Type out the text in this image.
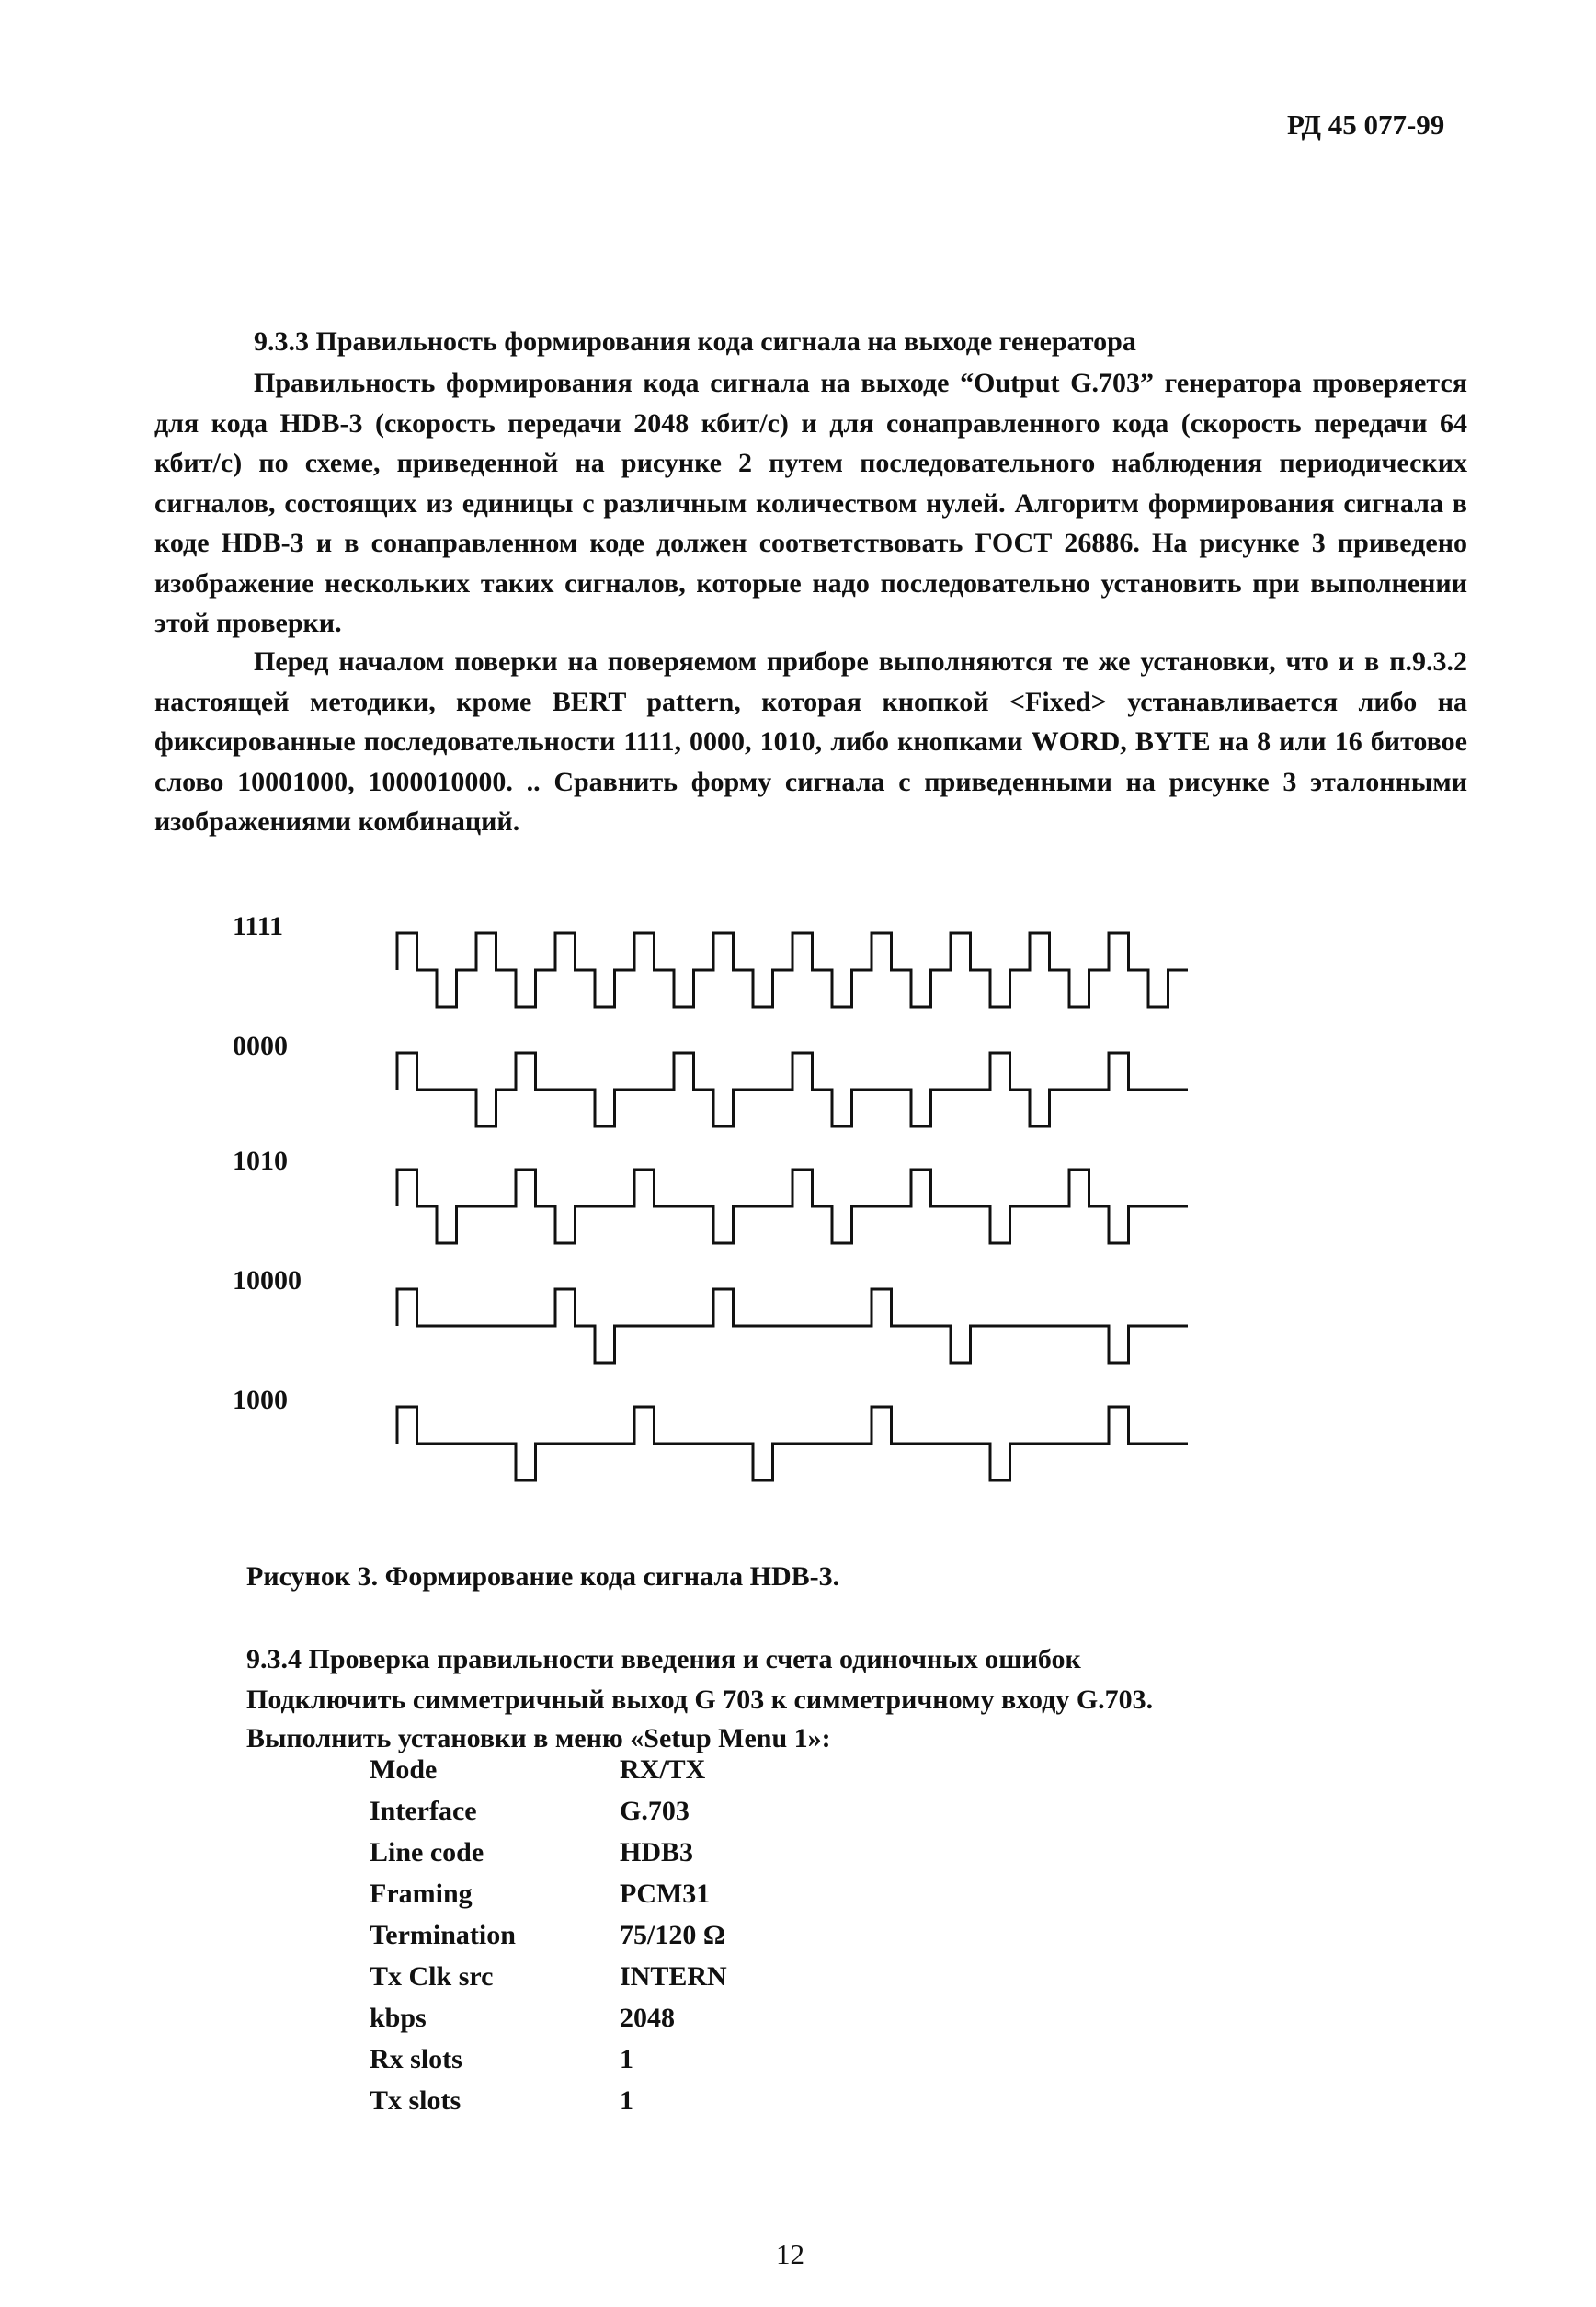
РД 45 077-99
9.3.3 Правильность формирования кода сигнала на выходе генератора

Правильность формирования кода сигнала на выходе “Output G.703” генератора проверяется для кода HDB-3 (скорость передачи 2048 кбит/с) и для сонаправленного кода (скорость передачи 64 кбит/с) по схеме, приведенной на рисунке 2 путем последовательного наблюдения периодических сигналов, состоящих из единицы с различным количеством нулей. Алгоритм формирования сигнала в коде HDB-3 и в сонаправленном коде должен соответствовать ГОСТ 26886. На рисунке 3 приведено изображение нескольких таких сигналов, которые надо последовательно установить при выполнении этой проверки.

Перед началом поверки на поверяемом приборе выполняются те же установки, что и в п.9.3.2 настоящей методики, кроме BERT pattern, которая кнопкой <Fixed> устанавливается либо на фиксированные последовательности 1111, 0000, 1010, либо кнопками WORD, BYTE на 8 или 16 битовое слово 10001000, 1000010000. .. Сравнить форму сигнала с приведенными на рисунке 3 эталонными изображениями комбинаций.

1111
0000
1010
10000
1000
Рисунок 3. Формирование кода сигнала HDB-3.
9.3.4 Проверка правильности введения и счета одиночных ошибок
Подключить симметричный выход G 703 к симметричному входу G.703.
Выполнить установки в меню «Setup Menu 1»:
Mode	RX/TX
Interface	G.703
Line code	HDB3
Framing	PCM31
Termination	75/120 Ω
Tx Clk src	INTERN
kbps	2048
Rx slots	1
Tx slots	1
12
